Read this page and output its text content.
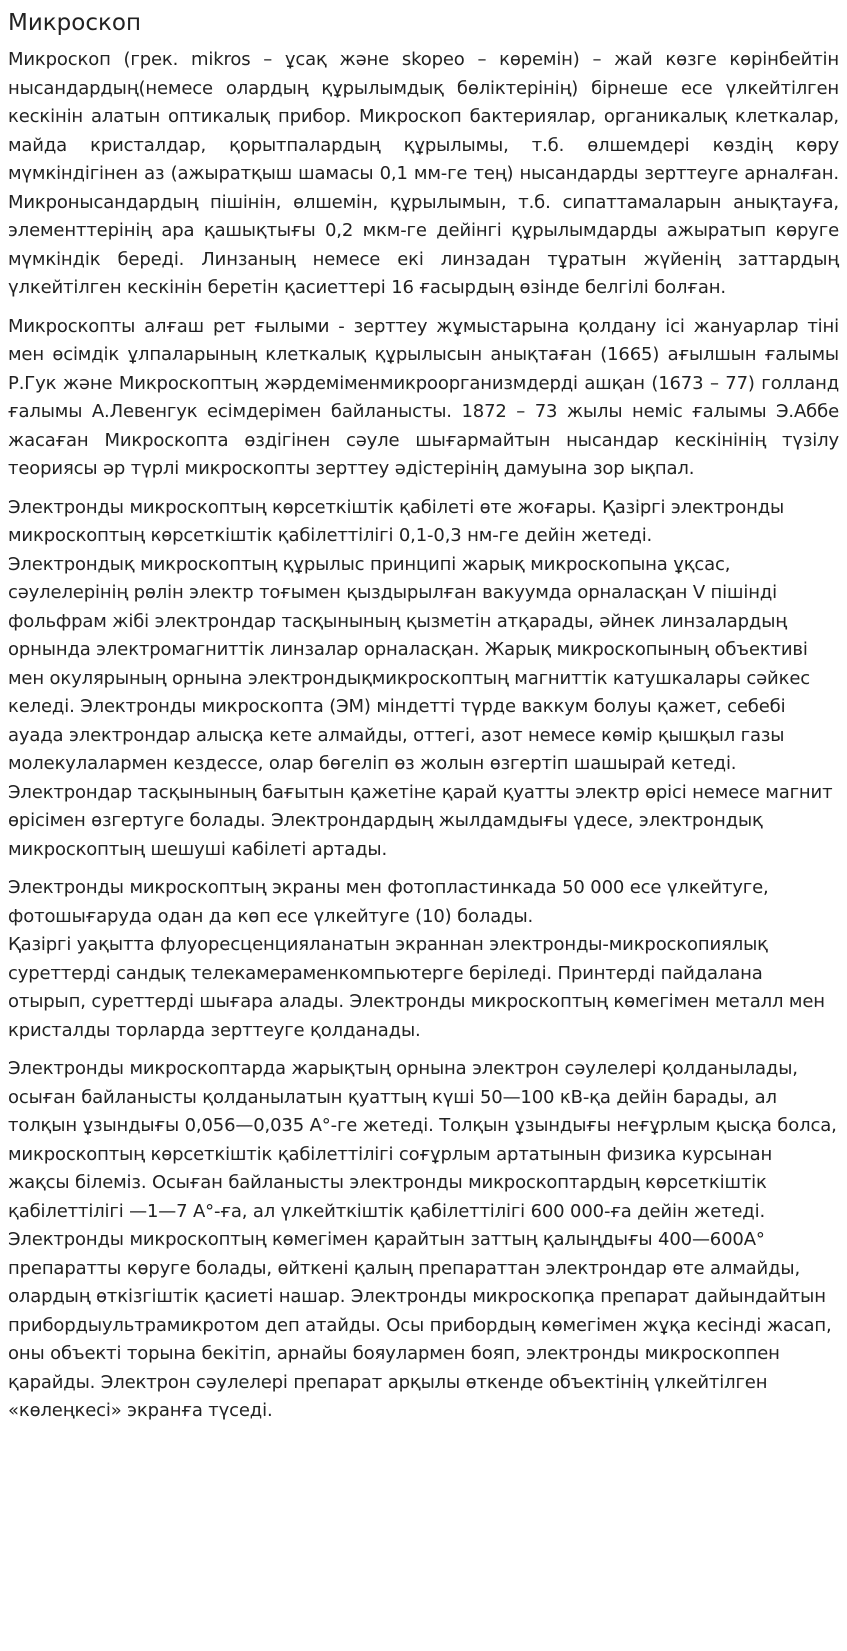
Микроскоп

Микроскоп (грек. mikros – ұсақ және skopeo – көремін) – жай көзге көрінбейтін нысандардың(немесе олардың құрылымдық бөліктерінің) бірнеше есе үлкейтілген кескінін алатын оптикалық прибор. Микроскоп бактериялар, органикалық клеткалар, майда кристалдар, қорытпалардың құрылымы, т.б. өлшемдері көздің көру мүмкіндігінен аз (ажыратқыш шамасы 0,1 мм-ге тең) нысандарды зерттеуге арналған. Микронысандардың пішінін, өлшемін, құрылымын, т.б. сипаттамаларын анықтауға, элементтерінің ара қашықтығы 0,2 мкм-ге дейінгі құрылымдарды ажыратып көруге мүмкіндік береді. Линзаның немесе екі линзадан тұратын жүйенің заттардың үлкейтілген кескінін беретін қасиеттері 16 ғасырдың өзінде белгілі болған.

Микроскопты алғаш рет ғылыми - зерттеу жұмыстарына қолдану ісі жануарлар тіні мен өсімдік ұлпаларының клеткалық құрылысын анықтаған (1665) ағылшын ғалымы Р.Гук және Микроскоптың жәрдеміменмикроорганизмдерді ашқан (1673 – 77) голланд ғалымы А.Левенгук есімдерімен байланысты. 1872 – 73 жылы неміс ғалымы Э.Аббе жасаған Микроскопта өздігінен сәуле шығармайтын нысандар кескінінің түзілу теориясы әр түрлі микроскопты зерттеу әдістерінің дамуына зор ықпал.

Электронды микроскоптың көрсеткіштік қабілеті өте жоғары. Қазіргі электронды микроскоптың көрсеткіштік қабілеттілігі 0,1-0,3 нм-ге дейін жетеді.
Электрондық микроскоптың құрылыс принципі жарық микроскопына ұқсас, сәулелерінің рөлін электр тоғымен қыздырылған вакуумда орналасқан V пішінді фольфрам жібі электрондар тасқынының қызметін атқарады, әйнек линзалардың орнында электромагниттік линзалар орналасқан. Жарық микроскопының объективі мен окулярының орнына электрондықмикроскоптың магниттік катушкалары сәйкес келеді. Электронды микроскопта (ЭМ) міндетті түрде ваккум болуы қажет, себебі ауада электрондар алысқа кете алмайды, оттегі, азот немесе көмір қышқыл газы молекулалармен кездессе, олар бөгеліп өз жолын өзгертіп шашырай кетеді. Электрондар тасқынының бағытын қажетіне қарай қуатты электр өрісі немесе магнит өрісімен өзгертуге болады. Электрондардың жылдамдығы үдесе, электрондық микроскоптың шешуші кабілеті артады.

Электронды микроскоптың экраны мен фотопластинкада 50 000 есе үлкейтуге, фотошығаруда одан да көп есе үлкейтуге (10) болады.
Қазіргі уақытта флуоресценцияланатын экраннан электронды-микроскопиялық суреттерді сандық телекамераменкомпьютерге беріледі. Принтерді пайдалана отырып, суреттерді шығара алады. Электронды микроскоптың көмегімен металл мен кристалды торларда зерттеуге қолданады.

Электронды микроскоптарда жарықтың орнына электрон сәулелері қолданылады, осыған байланысты қолданылатын қуаттың күші 50—100 кВ-қа дейін барады, ал толқын ұзындығы 0,056—0,035 А°-ге жетеді. Толқын ұзындығы неғұрлым қысқа болса, микроскоптың көрсеткіштік қабілеттілігі соғұрлым артатынын физика курсынан жақсы білеміз. Осыған байланысты электронды микроскоптардың көрсеткіштік қабілеттілігі —1—7 А°-ға, ал үлкейткіштік қабілеттілігі 600 000-ға дейін жетеді. Электронды микроскоптың көмегімен қарайтын заттың қалыңдығы 400—600А° препаратты көруге болады, өйткені қалың препараттан электрондар өте алмайды, олардың өткізгіштік қасиеті нашар. Электронды микроскопқа препарат дайындайтын прибордыультрамикротом деп атайды. Осы прибордың көмегімен жұқа кесінді жасап, оны объекті торына бекітіп, арнайы бояулармен бояп, электронды микроскоппен қарайды. Электрон сәулелері препарат арқылы өткенде объектінің үлкейтілген «көлеңкесі» экранға түседі.
